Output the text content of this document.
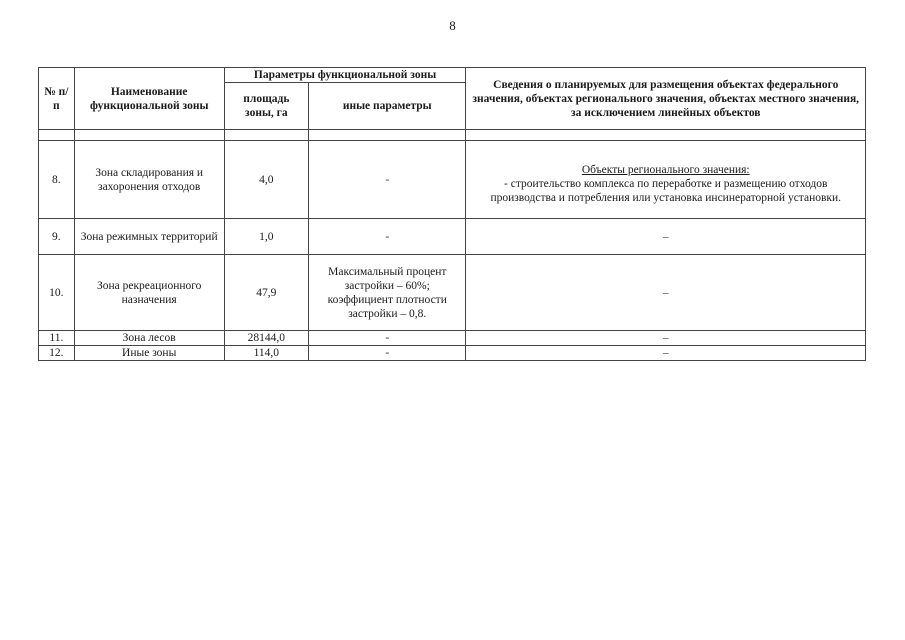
8
№ п/п	Наименование функциональной зоны	Параметры функциональной зоны		Сведения о планируемых для размещения объектах федерального значения, объектах регионального значения, объектах местного значения, за исключением линейных объектов
		площадь зоны, га	иные параметры	

8.	Зона складирования и захоронения отходов	4,0	-	Объекты регионального значения:
- строительство комплекса по переработке и размещению отходов производства и потребления или установка инсинераторной установки.

9.	Зона режимных территорий	1,0	-	–
10.	Зона рекреационного назначения	47,9	Максимальный процент застройки – 60%; коэффициент плотности застройки – 0,8.	–
11.	Зона лесов	28144,0	-	–
12.	Иные зоны	114,0	-	–
